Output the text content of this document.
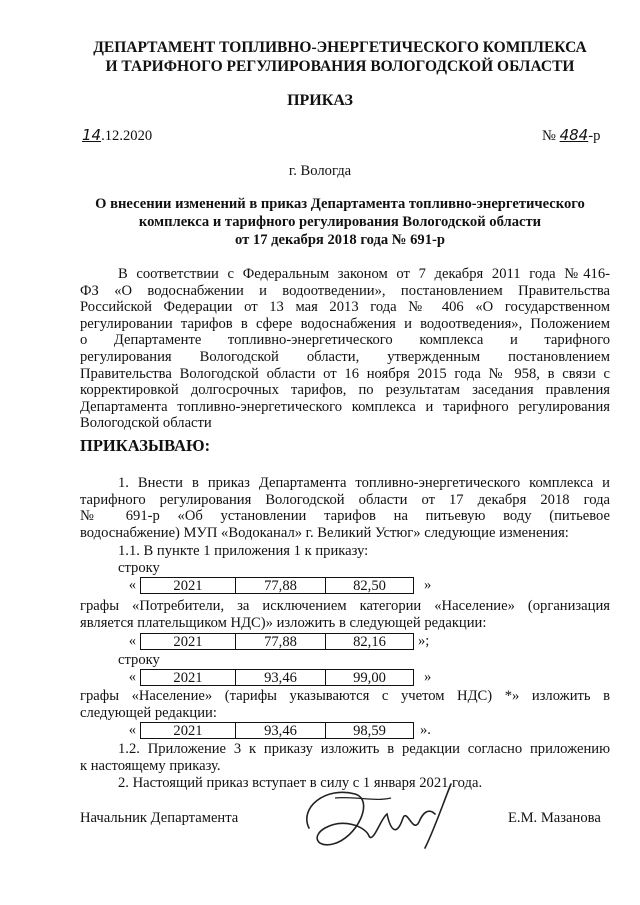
ДЕПАРТАМЕНТ ТОПЛИВНО-ЭНЕРГЕТИЧЕСКОГО КОМПЛЕКСА
И ТАРИФНОГО РЕГУЛИРОВАНИЯ ВОЛОГОДСКОЙ ОБЛАСТИ
ПРИКАЗ
14.12.2020	№ 484-р
г. Вологда
О внесении изменений в приказ Департамента топливно-энергетического
комплекса и тарифного регулирования Вологодской области
от 17 декабря 2018 года № 691-р
В соответствии с Федеральным законом от 7 декабря 2011 года №416-
ФЗ «О водоснабжении и водоотведении», постановлением Правительства
Российской Федерации от 13 мая 2013 года № 406 «О государственном
регулировании тарифов в сфере водоснабжения и водоотведения», Положением
о Департаменте топливно-энергетического комплекса и тарифного
регулирования Вологодской области, утвержденным постановлением
Правительства Вологодской области от 16 ноября 2015 года № 958, в связи с
корректировкой долгосрочных тарифов, по результатам заседания правления
Департамента топливно-энергетического комплекса и тарифного регулирования
Вологодской области
ПРИКАЗЫВАЮ:
1. Внести в приказ Департамента топливно-энергетического комплекса и
тарифного регулирования Вологодской области от 17 декабря 2018 года
№ 691-р «Об установлении тарифов на питьевую воду (питьевое
водоснабжение) МУП «Водоканал» г. Великий Устюг» следующие изменения:
1.1. В пункте 1 приложения 1 к приказу:
строку
«	2021	77,88	82,50	»
графы «Потребители, за исключением категории «Население» (организация
является плательщиком НДС)» изложить в следующей редакции:
«	2021	77,88	82,16	»;
строку
«	2021	93,46	99,00	»
графы «Население» (тарифы указываются с учетом НДС) *» изложить в
следующей редакции:
«	2021	93,46	98,59	».
1.2. Приложение 3 к приказу изложить в редакции согласно приложению
к настоящему приказу.
2. Настоящий приказ вступает в силу с 1 января 2021 года.
Начальник Департамента	Е.М. Мазанова
